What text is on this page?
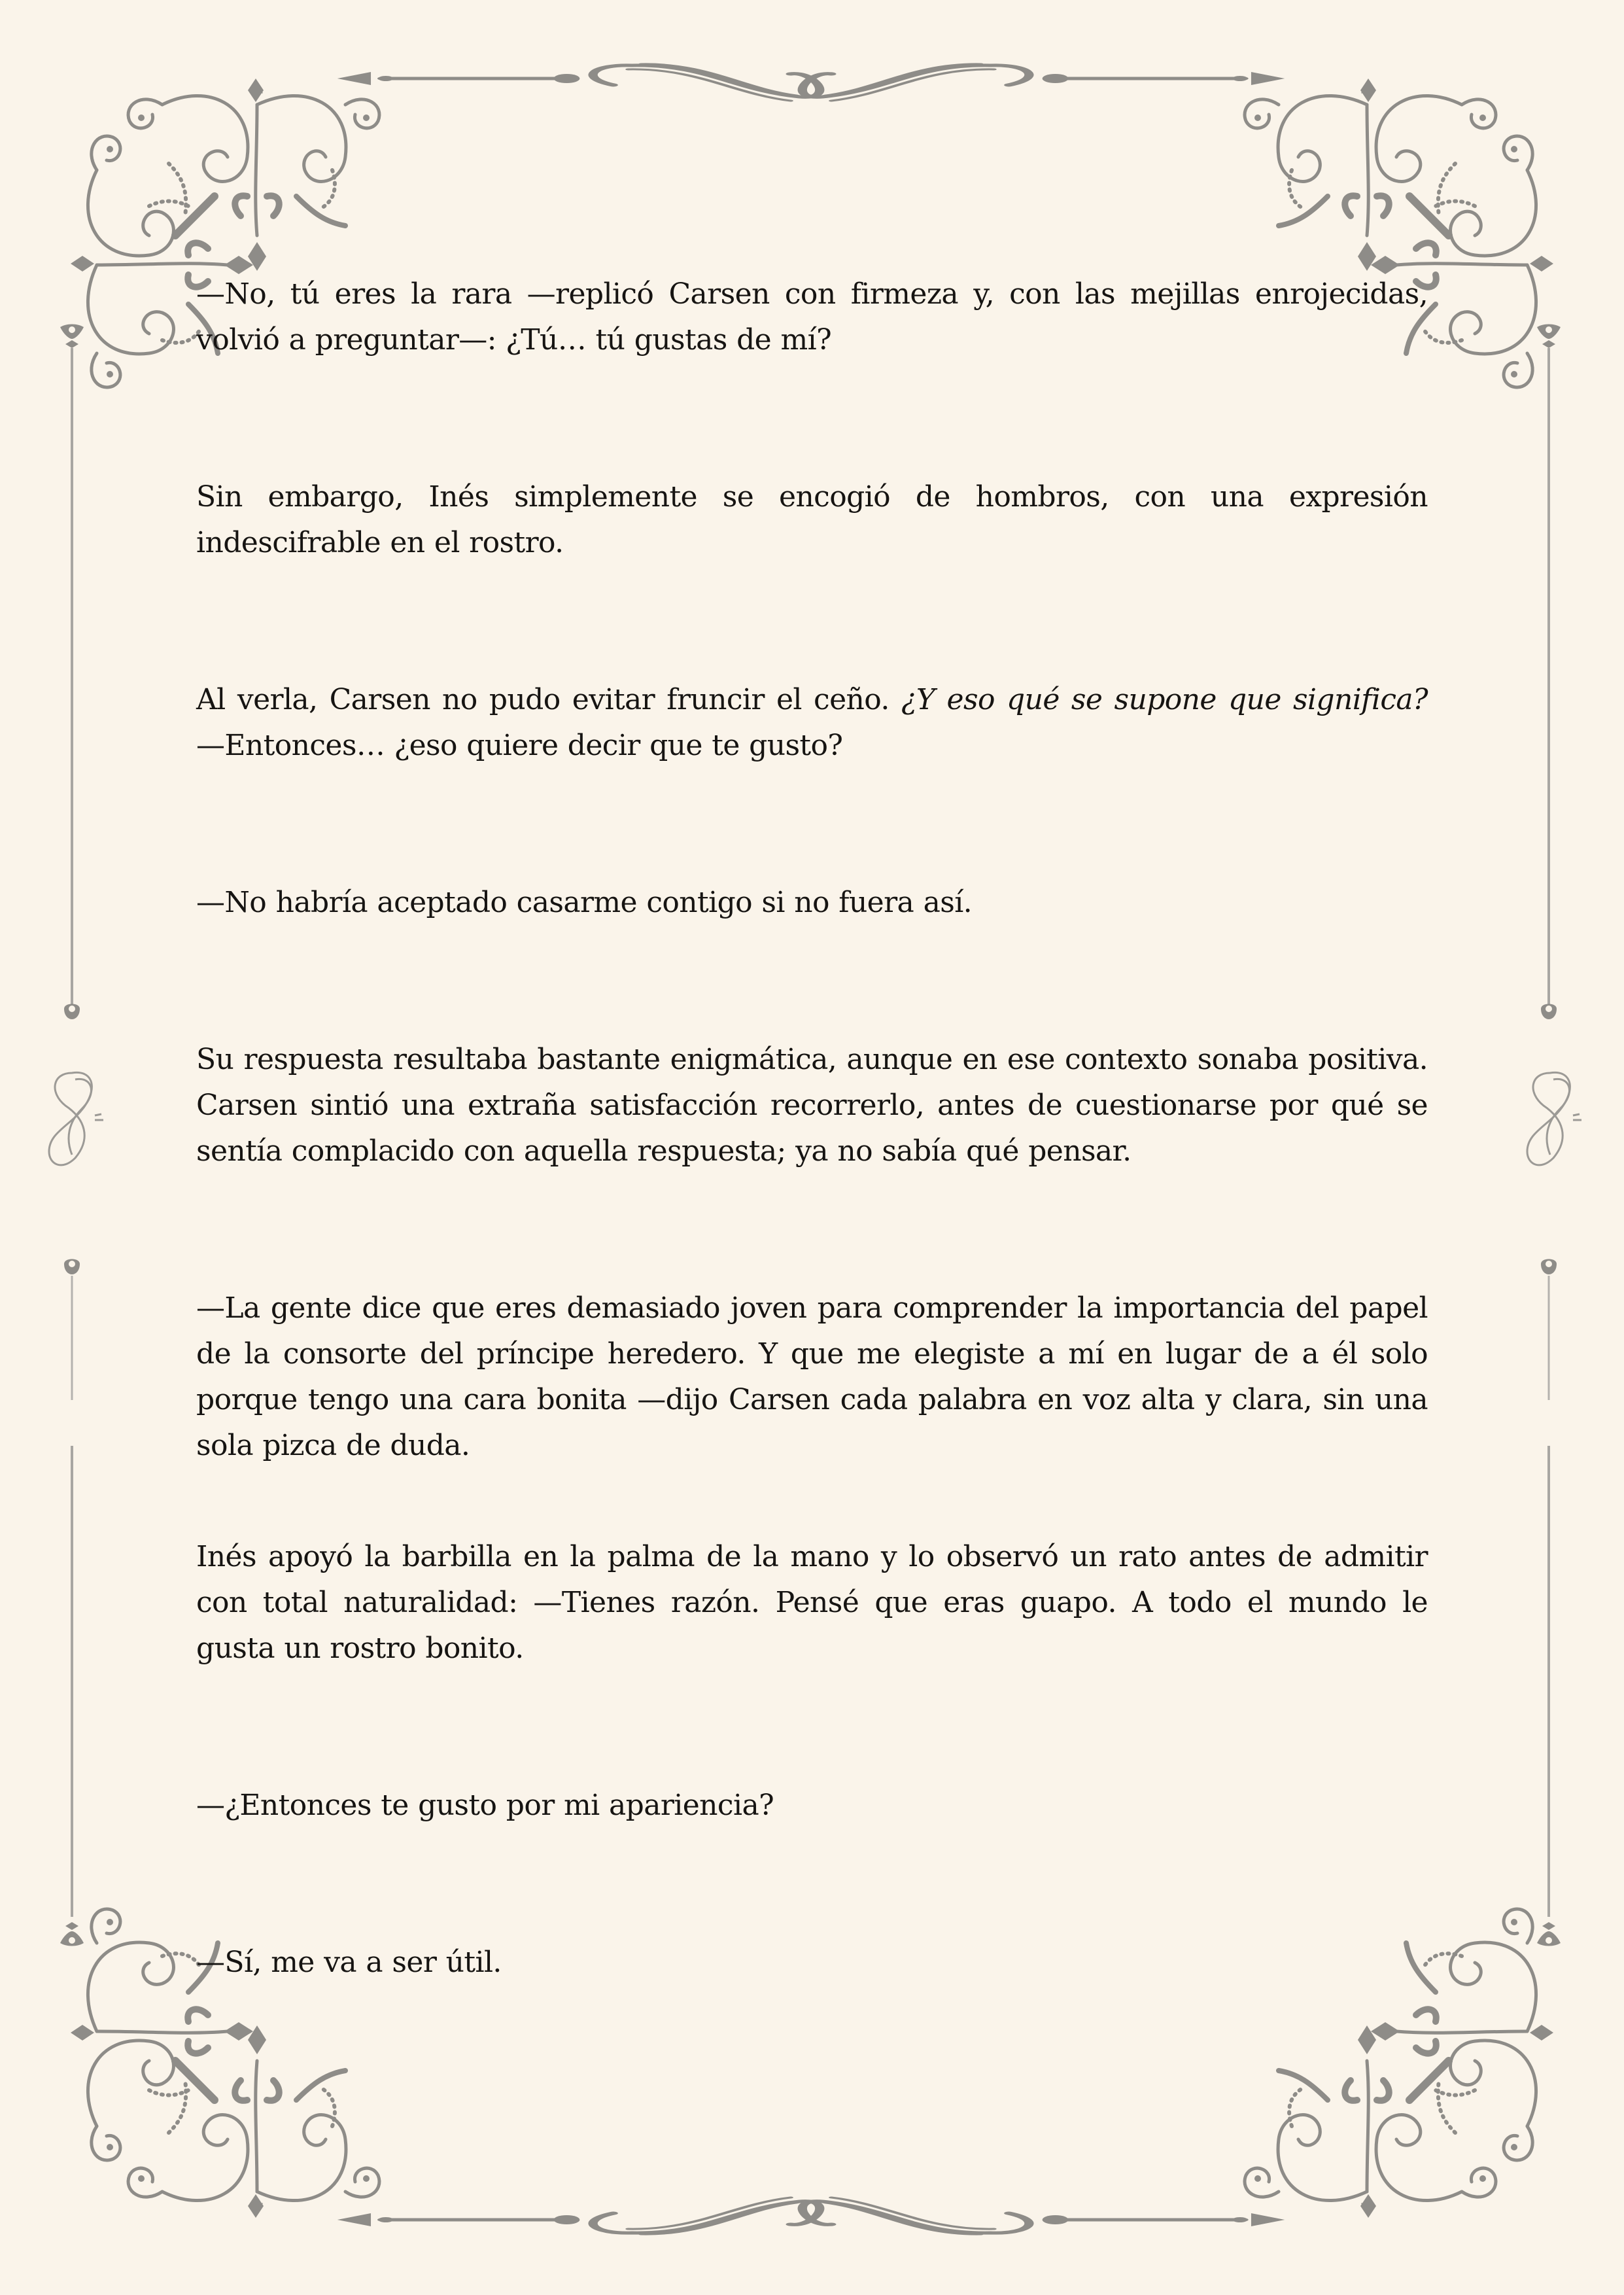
—No, tú eres la rara —replicó Carsen con firmeza y, con las mejillas enrojecidas, volvió a preguntar—: ¿Tú… tú gustas de mí?

Sin embargo, Inés simplemente se encogió de hombros, con una expresión indescifrable en el rostro.

Al verla, Carsen no pudo evitar fruncir el ceño. ¿Y eso qué se supone que significa? —Entonces… ¿eso quiere decir que te gusto?

—No habría aceptado casarme contigo si no fuera así.

Su respuesta resultaba bastante enigmática, aunque en ese contexto sonaba positiva. Carsen sintió una extraña satisfacción recorrerlo, antes de cuestionarse por qué se sentía complacido con aquella respuesta; ya no sabía qué pensar.

—La gente dice que eres demasiado joven para comprender la importancia del papel de la consorte del príncipe heredero. Y que me elegiste a mí en lugar de a él solo porque tengo una cara bonita —dijo Carsen cada palabra en voz alta y clara, sin una sola pizca de duda.

Inés apoyó la barbilla en la palma de la mano y lo observó un rato antes de admitir con total naturalidad: —Tienes razón. Pensé que eras guapo. A todo el mundo le gusta un rostro bonito.

—¿Entonces te gusto por mi apariencia?

—Sí, me va a ser útil.
